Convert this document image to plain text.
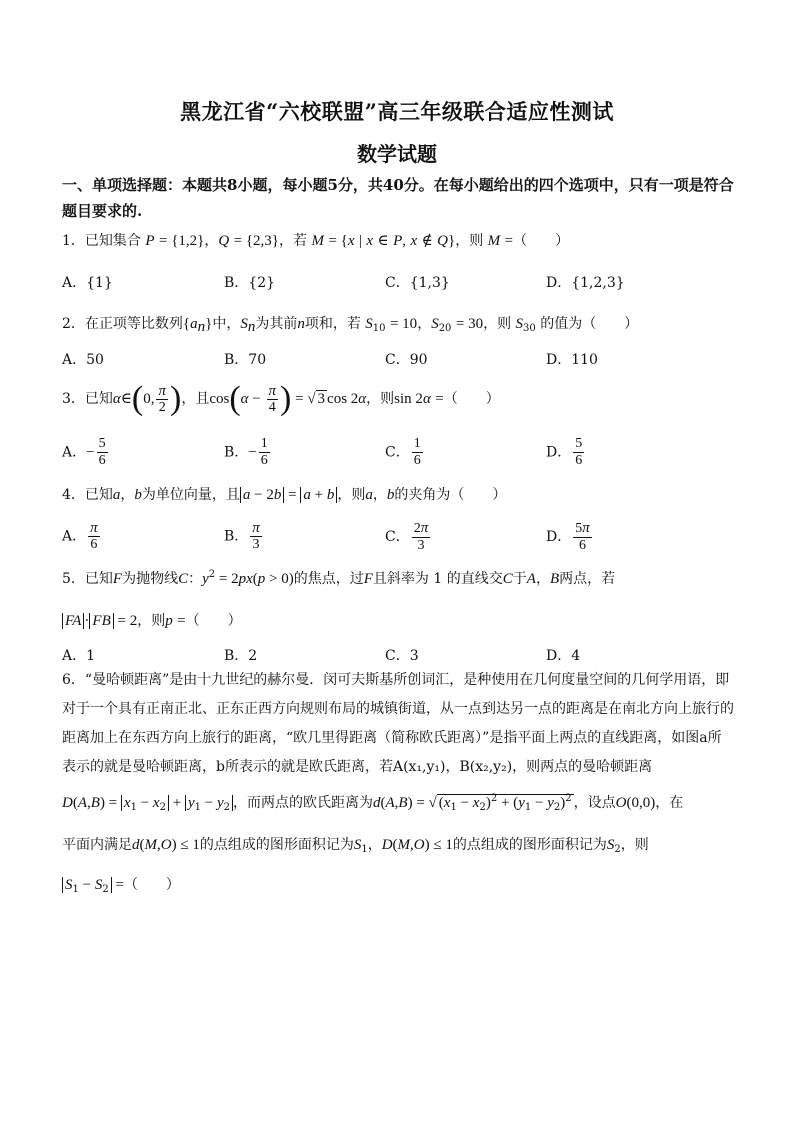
黑龙江省“六校联盟”高三年级联合适应性测试
数学试题
一、单项选择题：本题共8小题，每小题5分，共40分。在每小题给出的四个选项中，只有一项是符合题目要求的.
1．已知集合 P = {1,2}，Q = {2,3}，若 M = {x | x ∈ P, x ∉ Q}，则 M =（　　）
A．{1}	B．{2}	C．{1,3}	D．{1,2,3}
2．在正项等比数列$\{a_n\}$中，$S_n$为其前n项和，若 $S_{10} = 10$，$S_{20} = 30$，则 $S_{30}$ 的值为（　　）
A．50	B．70	C．90	D．110
3．已知α∈(0, $\frac{\pi}{2}$ )，且$\cos(\alpha - \frac{\pi}{4}$ ) = √ 3 cos 2α，则sin 2α =（　　）
A．− $\frac{5}{6}$	B．− $\frac{1}{6}$	C． $\frac{1}{6}$	D． $\frac{5}{6}$
4．已知a，b为单位向量，且 a − 2b = a + b ，则a，b的夹角为（　　）
A． $\frac{\pi}{6}$	B． $\frac{\pi}{3}$	C． $\frac{2\pi}{3}$	D． $\frac{5\pi}{6}$
5．已知F为抛物线C：$y^2 = 2px(p > 0)$的焦点，过F且斜率为 1 的直线交C于A，B两点，若
FA · FB = 2，则p =（　　）
A．1	B．2	C．3	D．4
6．“曼哈顿距离”是由十九世纪的赫尔曼．闵可夫斯基所创词汇，是种使用在几何度量空间的几何学用语，即对于一个具有正南正北、正东正西方向规则布局的城镇街道，从一点到达另一点的距离是在南北方向上旅行的距离加上在东西方向上旅行的距离，“欧几里得距离（简称欧氏距离）”是指平面上两点的直线距离，如图a所表示的就是曼哈顿距离，b所表示的就是欧氏距离，若A(x₁,y₁)，B(x₂,y₂)，则两点的曼哈顿距离
$D(A,B) = x_1 - x_2 + y_1 - y_2$ ，而两点的欧氏距离为d(A,B) = √ $(x_1 - x_2)^2 + (y_1 - y_2)^2$ ，设点O(0,0)，在
平面内满足d(M,O) ≤ 1的点组成的图形面积记为$S_1$，D(M,O) ≤ 1的点组成的图形面积记为$S_2$，则
$S_1 - S_2$ =（　　）
